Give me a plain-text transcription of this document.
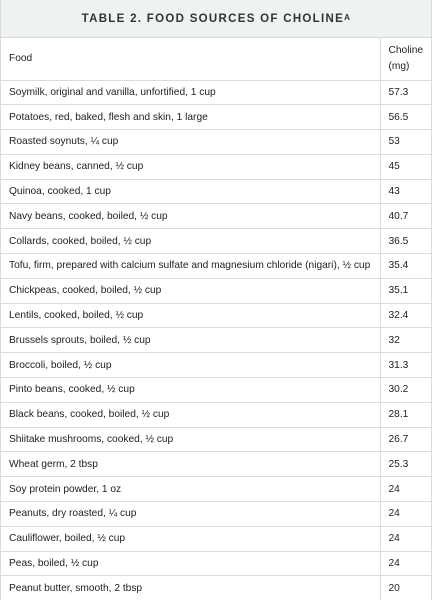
TABLE 2. FOOD SOURCES OF $CHOLINE^A$
Food	Choline
(mg)
Soymilk, original and vanilla, unfortified, 1 cup	57.3
Potatoes, red, baked, flesh and skin, 1 large	56.5
Roasted soynuts, ¼ cup	53
Kidney beans, canned, ½ cup	45
Quinoa, cooked, 1 cup	43
Navy beans, cooked, boiled, ½ cup	40.7
Collards, cooked, boiled, ½ cup	36.5
Tofu, firm, prepared with calcium sulfate and magnesium chloride (nigari), ½ cup	35.4
Chickpeas, cooked, boiled, ½ cup	35.1
Lentils, cooked, boiled, ½ cup	32.4
Brussels sprouts, boiled, ½ cup	32
Broccoli, boiled, ½ cup	31.3
Pinto beans, cooked, ½ cup	30.2
Black beans, cooked, boiled, ½ cup	28.1
Shiitake mushrooms, cooked, ½ cup	26.7
Wheat germ, 2 tbsp	25.3
Soy protein powder, 1 oz	24
Peanuts, dry roasted, ¼ cup	24
Cauliflower, boiled, ½ cup	24
Peas, boiled, ½ cup	24
Peanut butter, smooth, 2 tbsp	20
